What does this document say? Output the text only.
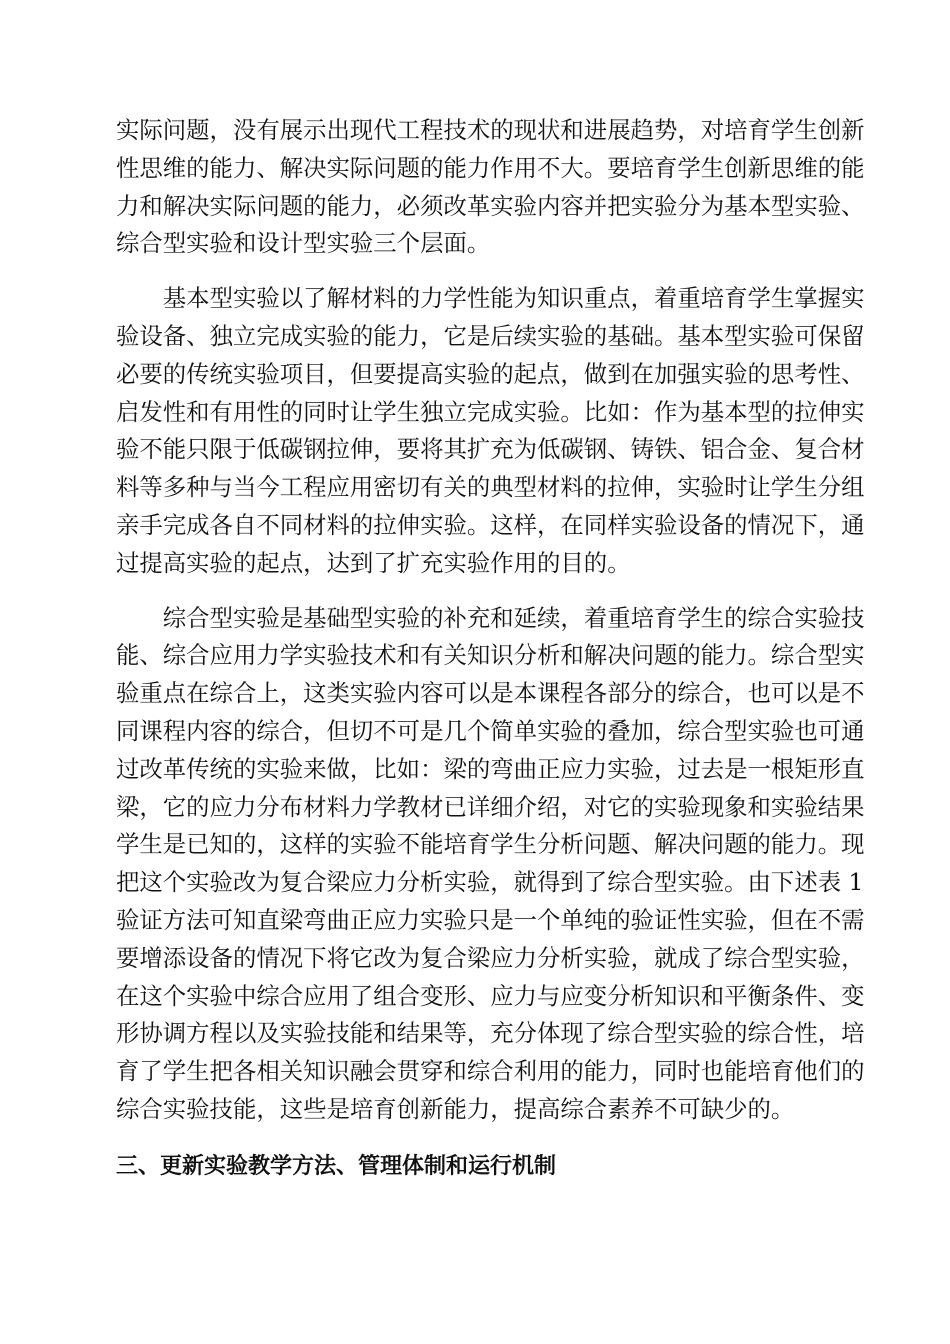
实际问题，没有展示出现代工程技术的现状和进展趋势，对培育学生创新
性思维的能力、解决实际问题的能力作用不大。要培育学生创新思维的能
力和解决实际问题的能力，必须改革实验内容并把实验分为基本型实验、
综合型实验和设计型实验三个层面。

基本型实验以了解材料的力学性能为知识重点，着重培育学生掌握实
验设备、独立完成实验的能力，它是后续实验的基础。基本型实验可保留
必要的传统实验项目，但要提高实验的起点，做到在加强实验的思考性、
启发性和有用性的同时让学生独立完成实验。比如：作为基本型的拉伸实
验不能只限于低碳钢拉伸，要将其扩充为低碳钢、铸铁、铝合金、复合材
料等多种与当今工程应用密切有关的典型材料的拉伸，实验时让学生分组
亲手完成各自不同材料的拉伸实验。这样，在同样实验设备的情况下，通
过提高实验的起点，达到了扩充实验作用的目的。

综合型实验是基础型实验的补充和延续，着重培育学生的综合实验技
能、综合应用力学实验技术和有关知识分析和解决问题的能力。综合型实
验重点在综合上，这类实验内容可以是本课程各部分的综合，也可以是不
同课程内容的综合，但切不可是几个简单实验的叠加，综合型实验也可通
过改革传统的实验来做，比如：梁的弯曲正应力实验，过去是一根矩形直
梁，它的应力分布材料力学教材已详细介绍，对它的实验现象和实验结果
学生是已知的，这样的实验不能培育学生分析问题、解决问题的能力。现
把这个实验改为复合梁应力分析实验，就得到了综合型实验。由下述表 1
验证方法可知直梁弯曲正应力实验只是一个单纯的验证性实验，但在不需
要增添设备的情况下将它改为复合梁应力分析实验，就成了综合型实验，
在这个实验中综合应用了组合变形、应力与应变分析知识和平衡条件、变
形协调方程以及实验技能和结果等，充分体现了综合型实验的综合性，培
育了学生把各相关知识融会贯穿和综合利用的能力，同时也能培育他们的
综合实验技能，这些是培育创新能力，提高综合素养不可缺少的。

三、更新实验教学方法、管理体制和运行机制
